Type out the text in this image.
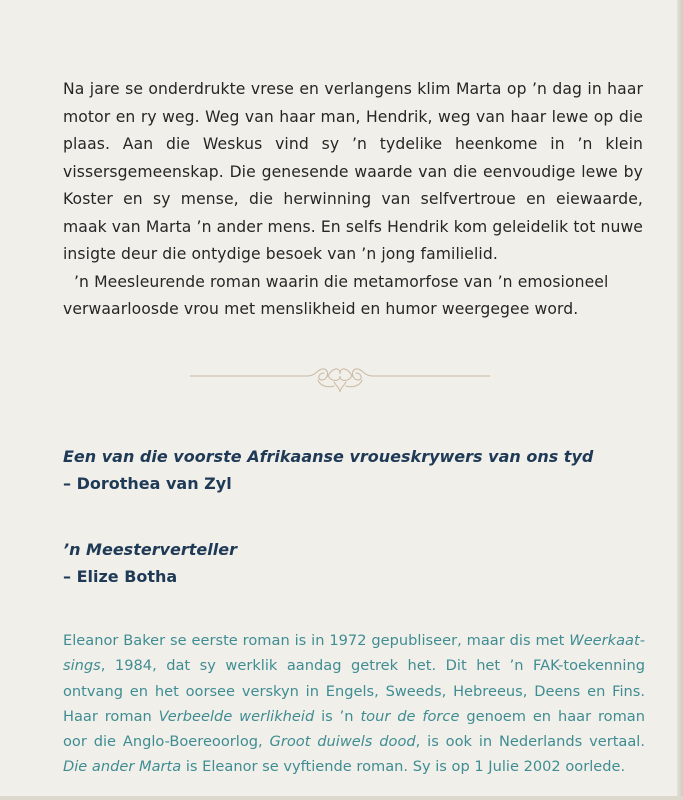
Na jare se onderdrukte vrese en verlangens klim Marta op ’n dag in haar motor en ry weg. Weg van haar man, Hendrik, weg van haar lewe op die plaas. Aan die Weskus vind sy ’n tydelike heenkome in ’n klein vissersgemeenskap. Die genesende waarde van die eenvoudige lewe by Koster en sy mense, die herwinning van selfvertroue en eiewaarde, maak van Marta ’n ander mens. En selfs Hendrik kom geleidelik tot nuwe insigte deur die ontydige besoek van ’n jong familielid.

’n Meesleurende roman waarin die metamorfose van ’n emosioneel verwaarloosde vrou met menslikheid en humor weergegee word.

Een van die voorste Afrikaanse vroueskrywers van ons tyd
– Dorothea van Zyl
’n Meesterverteller
– Elize Botha

Eleanor Baker se eerste roman is in 1972 gepubliseer, maar dis met Weerkaatsings, 1984, dat sy werklik aandag getrek het. Dit het ’n FAK-toekenning ontvang en het oorsee verskyn in Engels, Sweeds, Hebreeus, Deens en Fins. Haar roman Verbeelde werlikheid is ’n tour de force genoem en haar roman oor die Anglo-Boereoorlog, Groot duiwels dood, is ook in Nederlands vertaal. Die ander Marta is Eleanor se vyftiende roman. Sy is op 1 Julie 2002 oorlede.
